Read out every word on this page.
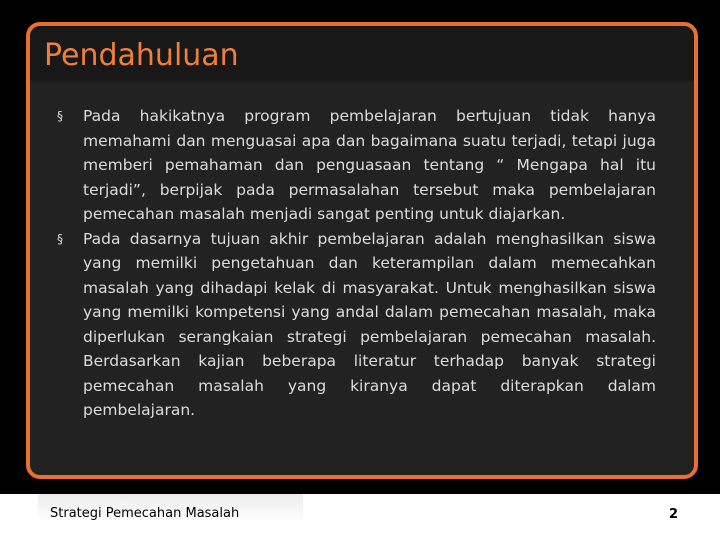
Pendahuluan
§ Pada hakikatnya program pembelajaran bertujuan tidak hanya memahami dan menguasai apa dan bagaimana suatu terjadi, tetapi juga memberi pemahaman dan penguasaan tentang “ Mengapa hal itu terjadi”, berpijak pada permasalahan tersebut maka pembelajaran pemecahan masalah menjadi sangat penting untuk diajarkan.
§ Pada dasarnya tujuan akhir pembelajaran adalah menghasilkan siswa yang memilki pengetahuan dan keterampilan dalam memecahkan masalah yang dihadapi kelak di masyarakat. Untuk menghasilkan siswa yang memilki kompetensi yang andal dalam pemecahan masalah, maka diperlukan serangkaian strategi pembelajaran pemecahan masalah. Berdasarkan kajian beberapa literatur terhadap banyak strategi pemecahan masalah yang kiranya dapat diterapkan dalam pembelajaran.
Strategi Pemecahan Masalah	2
